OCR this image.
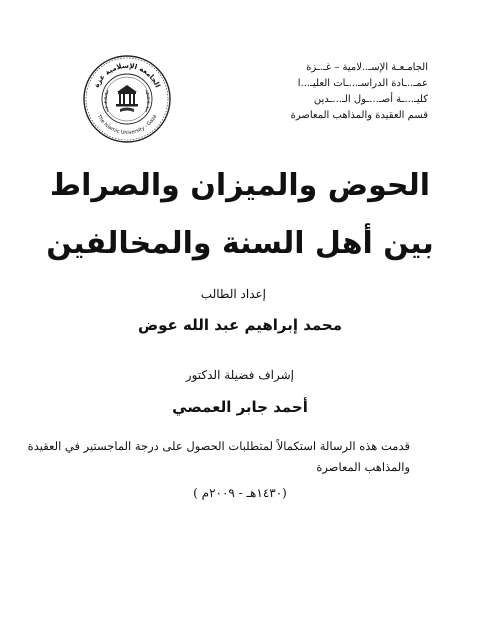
الجامـعـة الإسـ..لامية – غـ.ـزة
عمـ..ـادة الدراسـ...ـات العليـ...ا
كليـ...ـة أصـ...ـول الـ...ـدين
قسم العقيدة والمذاهب المعاصرة
الجامعة الإسلامية غزة
The Islamic University - Gaza
الحوض والميزان والصراط
بين أهل السنة والمخالفين
إعداد الطالب
محمد إبراهيم عبد الله عوض
إشراف فضيلة الدكتور
أحمد جابر العمصي
قدمت هذه الرسالة استكمالاً لمتطلبات الحصول على درجة الماجستير في العقيدة
والمذاهب المعاصرة
(١٤٣٠هـ - ٢٠٠٩م )
